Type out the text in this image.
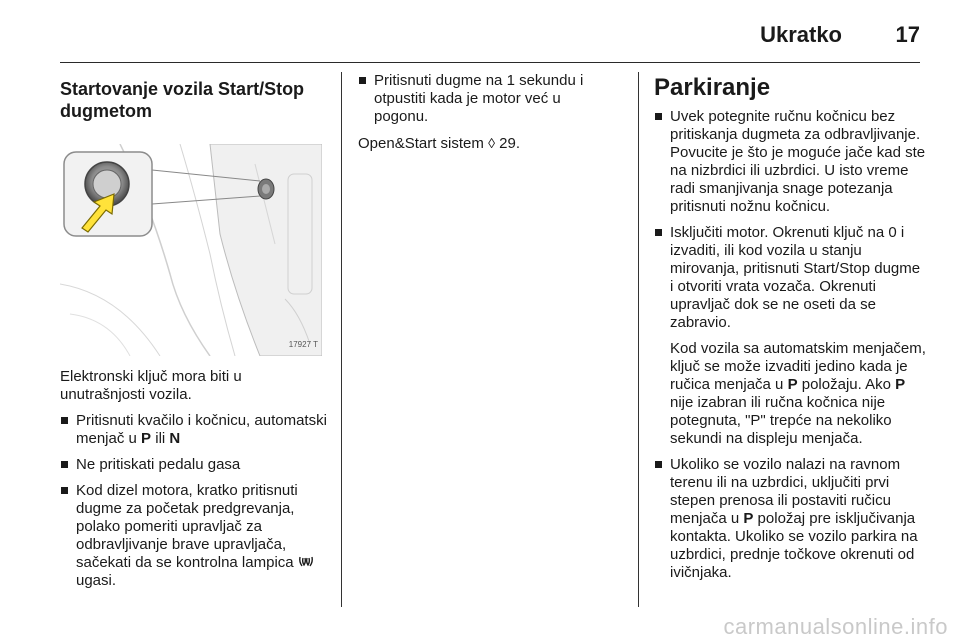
Ukratko 17
Startovanje vozila Start/Stop dugmetom
17927 T

Elektronski ključ mora biti u unutrašnjosti vozila.

Pritisnuti kvačilo i kočnicu, automatski menjač u P ili N
Ne pritiskati pedalu gasa
Kod dizel motora, kratko pritisnuti dugme za početak predgrevanja, polako pomeriti upravljač za odbravljivanje brave upravljača, sačekati da se kontrolna lampica  ugasi.
Pritisnuti dugme na 1 sekundu i otpustiti kada je motor već u pogonu.

Open&Start sistem ◊ 29.

Parkiranje
Uvek potegnite ručnu kočnicu bez pritiskanja dugmeta za odbravljivanje. Povucite je što je moguće jače kad ste na nizbrdici ili uzbrdici. U isto vreme radi smanjivanja snage potezanja pritisnuti nožnu kočnicu.
Isključiti motor. Okrenuti ključ na 0 i izvaditi, ili kod vozila u stanju mirovanja, pritisnuti Start/Stop dugme i otvoriti vrata vozača. Okrenuti upravljač dok se ne oseti da se zabravio.

Kod vozila sa automatskim menjačem, ključ se može izvaditi jedino kada je ručica menjača u P položaju. Ako P nije izabran ili ručna kočnica nije potegnuta, "P" trepće na nekoliko sekundi na displeju menjača.

Ukoliko se vozilo nalazi na ravnom terenu ili na uzbrdici, uključiti prvi stepen prenosa ili postaviti ručicu menjača u P položaj pre isključivanja kontakta. Ukoliko se vozilo parkira na uzbrdici, prednje točkove okrenuti od ivičnjaka.
carmanualsonline.info
